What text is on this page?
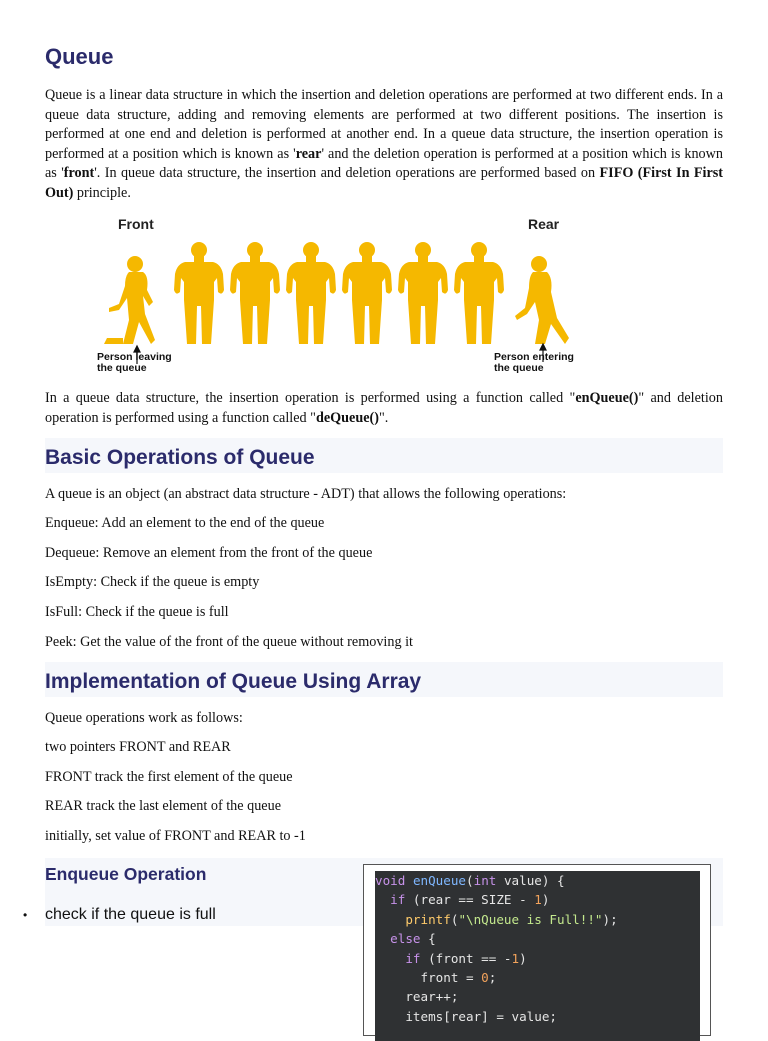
Queue

Queue is a linear data structure in which the insertion and deletion operations are performed at two different ends. In a queue data structure, adding and removing elements are performed at two different positions. The insertion is performed at one end and deletion is performed at another end. In a queue data structure, the insertion operation is performed at a position which is known as 'rear' and the deletion operation is performed at a position which is known as 'front'. In queue data structure, the insertion and deletion operations are performed based on FIFO (First In First Out) principle.

Front	Rear
Person leaving
the queue
Person entering
the queue

In a queue data structure, the insertion operation is performed using a function called "enQueue()" and deletion operation is performed using a function called "deQueue()".

Basic Operations of Queue

A queue is an object (an abstract data structure - ADT) that allows the following operations:

Enqueue: Add an element to the end of the queue

Dequeue: Remove an element from the front of the queue

IsEmpty: Check if the queue is empty

IsFull: Check if the queue is full

Peek: Get the value of the front of the queue without removing it

Implementation of Queue Using Array

Queue operations work as follows:

two pointers FRONT and REAR

FRONT track the first element of the queue

REAR track the last element of the queue

initially, set value of FRONT and REAR to -1

Enqueue Operation
• check if the queue is full
void enQueue(int value) {
if (rear == SIZE - 1)
printf("\nQueue is Full!!");
else {
if (front == -1)
front = 0;
rear++;
items[rear] = value;
